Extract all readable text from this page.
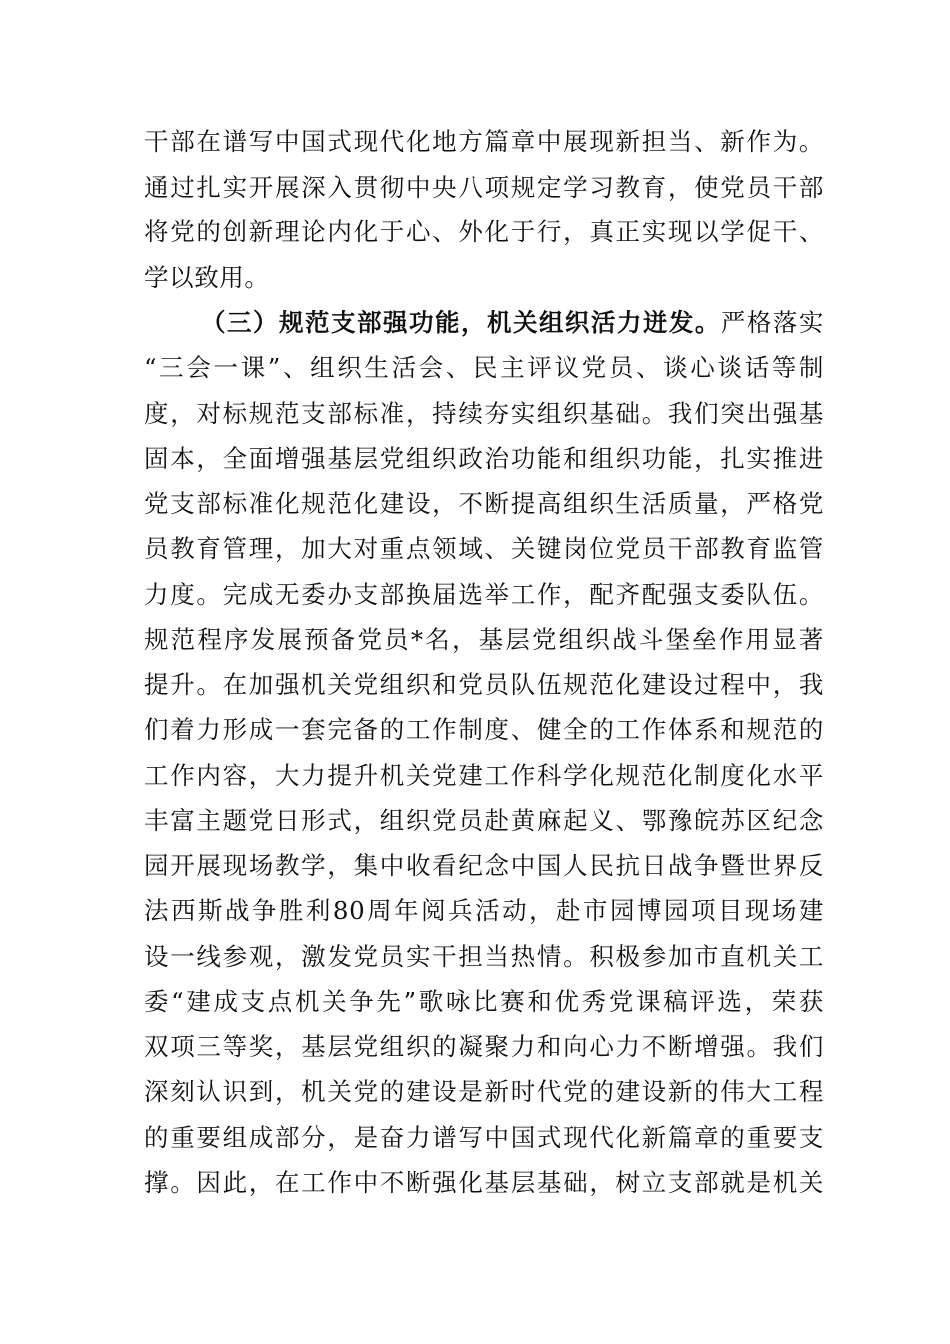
干部在谱写中国式现代化地方篇章中展现新担当、新作为。
通过扎实开展深入贯彻中央八项规定学习教育，使党员干部
将党的创新理论内化于心、外化于行，真正实现以学促干、
学以致用。
（三）规范支部强功能，机关组织活力迸发。严格落实
“三会一课”、组织生活会、民主评议党员、谈心谈话等制
度，对标规范支部标准，持续夯实组织基础。我们突出强基
固本，全面增强基层党组织政治功能和组织功能，扎实推进
党支部标准化规范化建设，不断提高组织生活质量，严格党
员教育管理，加大对重点领域、关键岗位党员干部教育监管
力度。完成无委办支部换届选举工作，配齐配强支委队伍。
规范程序发展预备党员*名，基层党组织战斗堡垒作用显著
提升。在加强机关党组织和党员队伍规范化建设过程中，我
们着力形成一套完备的工作制度、健全的工作体系和规范的
工作内容，大力提升机关党建工作科学化规范化制度化水平
丰富主题党日形式，组织党员赴黄麻起义、鄂豫皖苏区纪念
园开展现场教学，集中收看纪念中国人民抗日战争暨世界反
法西斯战争胜利80周年阅兵活动，赴市园博园项目现场建
设一线参观，激发党员实干担当热情。积极参加市直机关工
委“建成支点机关争先”歌咏比赛和优秀党课稿评选，荣获
双项三等奖，基层党组织的凝聚力和向心力不断增强。我们
深刻认识到，机关党的建设是新时代党的建设新的伟大工程
的重要组成部分，是奋力谱写中国式现代化新篇章的重要支
撑。因此，在工作中不断强化基层基础，树立支部就是机关
